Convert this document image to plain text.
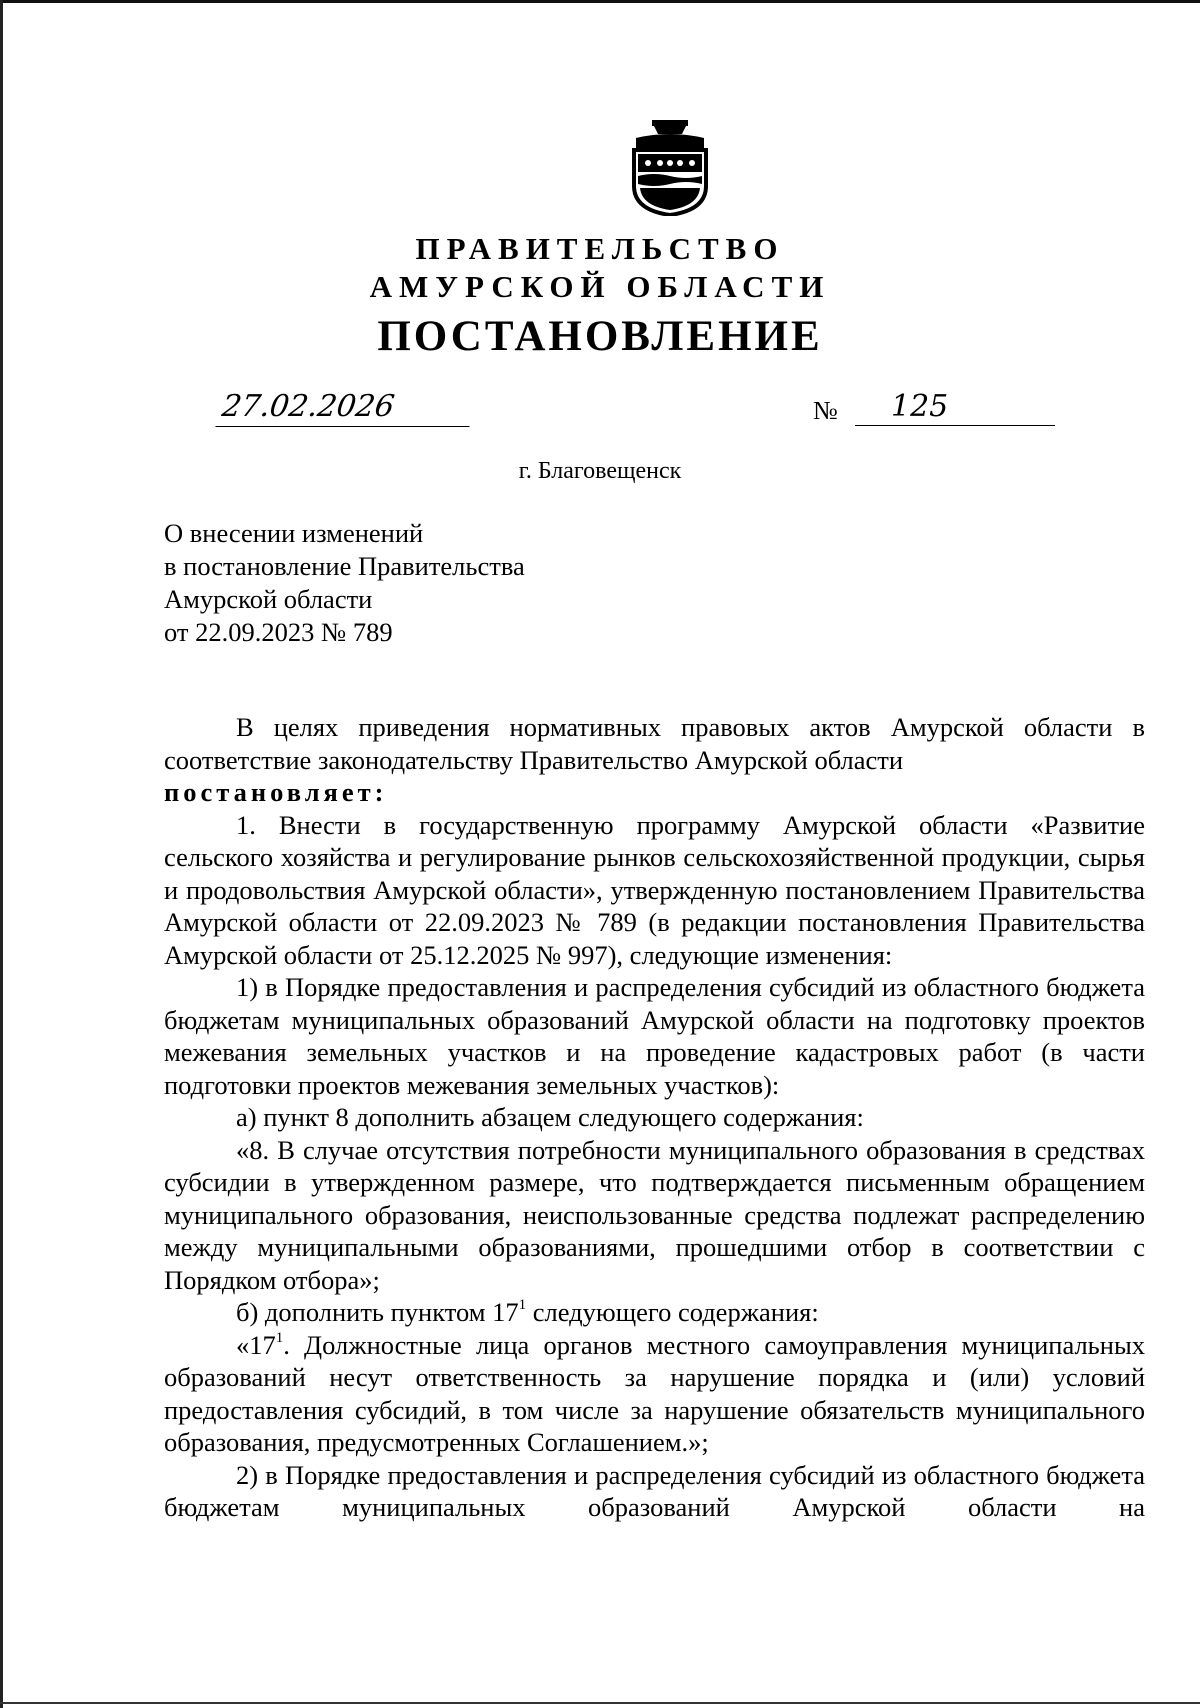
ПРАВИТЕЛЬСТВО
АМУРСКОЙ ОБЛАСТИ
ПОСТАНОВЛЕНИЕ
27.02.2026	№	125
г. Благовещенск
О внесении изменений
в постановление Правительства
Амурской области
от 22.09.2023 № 789

В целях приведения нормативных правовых актов Амурской области в соответствие законодательству Правительство Амурской области

постановляет:

1. Внести в государственную программу Амурской области «Развитие сельского хозяйства и регулирование рынков сельскохозяйственной продукции, сырья и продовольствия Амурской области», утвержденную постановлением Правительства Амурской области от 22.09.2023 № 789 (в редакции постановления Правительства Амурской области от 25.12.2025 № 997), следующие изменения:

1) в Порядке предоставления и распределения субсидий из областного бюджета бюджетам муниципальных образований Амурской области на подготовку проектов межевания земельных участков и на проведение кадастровых работ (в части подготовки проектов межевания земельных участков):

а) пункт 8 дополнить абзацем следующего содержания:

«8. В случае отсутствия потребности муниципального образования в средствах субсидии в утвержденном размере, что подтверждается письменным обращением муниципального образования, неиспользованные средства подлежат распределению между муниципальными образованиями, прошедшими отбор в соответствии с Порядком отбора»;

б) дополнить пунктом $17^1$ следующего содержания:

«$17^1$. Должностные лица органов местного самоуправления муниципальных образований несут ответственность за нарушение порядка и (или) условий предоставления субсидий, в том числе за нарушение обязательств муниципального образования, предусмотренных Соглашением.»;

2) в Порядке предоставления и распределения субсидий из областного бюджета бюджетам муниципальных образований Амурской области на
